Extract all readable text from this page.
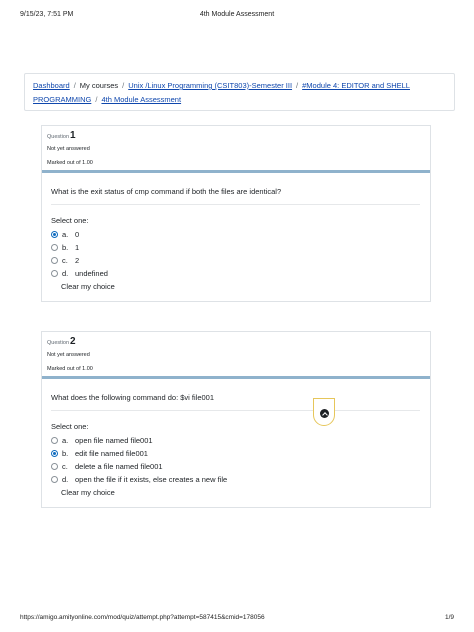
9/15/23, 7:51 PM	4th Module Assessment
Dashboard / My courses / Unix /Linux Programming (CSIT803)-Semester III / #Module 4: EDITOR and SHELL PROGRAMMING / 4th Module Assessment
Question1
Not yet answered
Marked out of 1.00
What is the exit status of cmp command if both the files are identical?
Select one:
a. 0
b. 1
c. 2
d. undefined
Clear my choice
Question2
Not yet answered
Marked out of 1.00
What does the following command do: $vi file001
Select one:
a. open file named file001
b. edit file named file001
c. delete a file named file001
d. open the file if it exists, else creates a new file
Clear my choice
https://amigo.amityonline.com/mod/quiz/attempt.php?attempt=587415&cmid=178056	1/9
